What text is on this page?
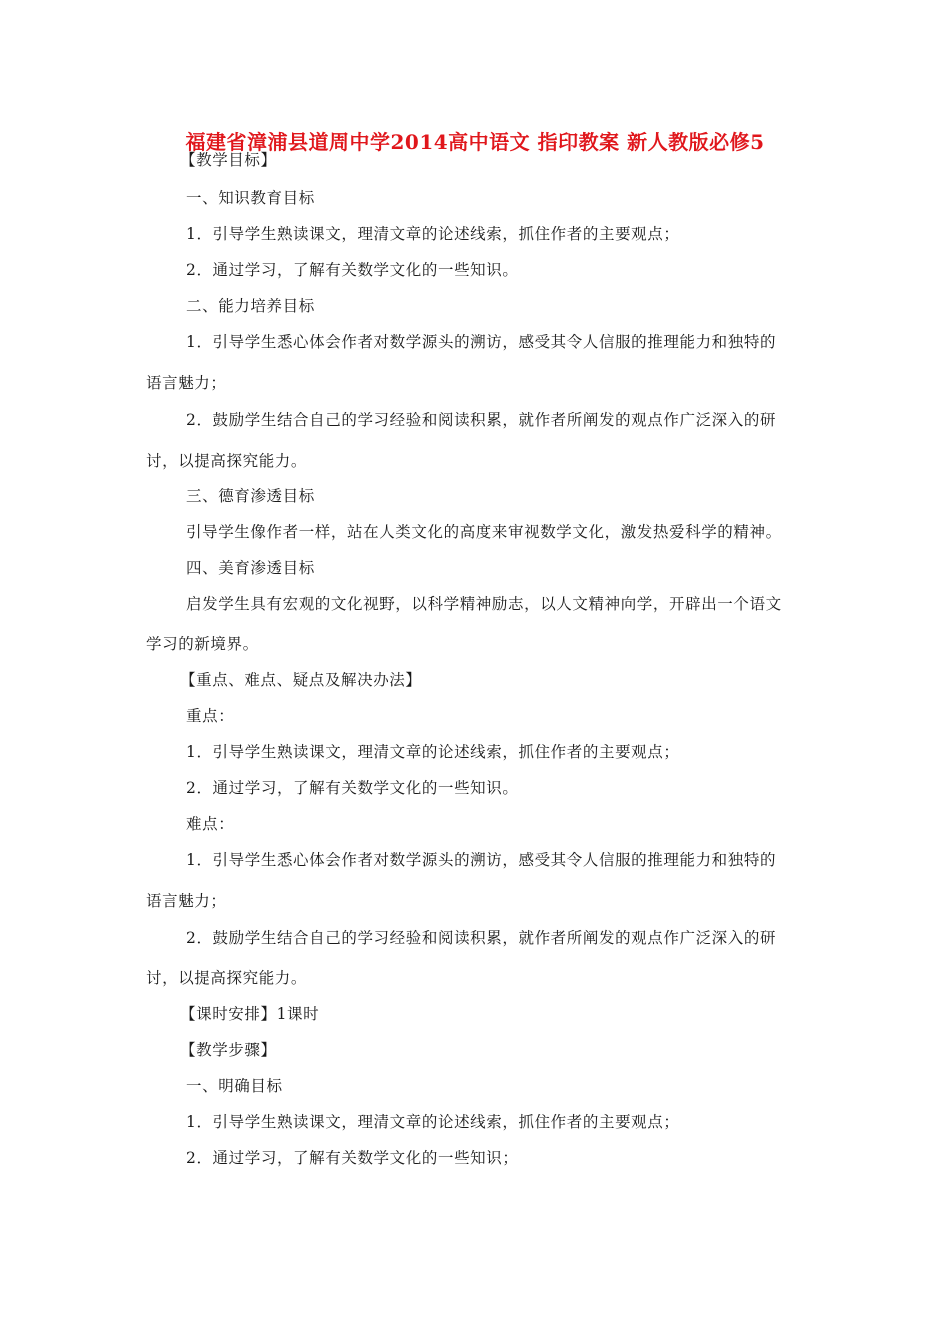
福建省漳浦县道周中学2014高中语文 指印教案 新人教版必修5
【教学目标】
一、知识教育目标
1．引导学生熟读课文，理清文章的论述线索，抓住作者的主要观点；
2．通过学习，了解有关数学文化的一些知识。
二、能力培养目标
1．引导学生悉心体会作者对数学源头的溯访，感受其令人信服的推理能力和独特的
语言魅力；
2．鼓励学生结合自己的学习经验和阅读积累，就作者所阐发的观点作广泛深入的研
讨，以提高探究能力。
三、德育渗透目标
引导学生像作者一样，站在人类文化的高度来审视数学文化，激发热爱科学的精神。
四、美育渗透目标
启发学生具有宏观的文化视野，以科学精神励志，以人文精神向学，开辟出一个语文
学习的新境界。
【重点、难点、疑点及解决办法】
重点：
1．引导学生熟读课文，理清文章的论述线索，抓住作者的主要观点；
2．通过学习，了解有关数学文化的一些知识。
难点：
1．引导学生悉心体会作者对数学源头的溯访，感受其令人信服的推理能力和独特的
语言魅力；
2．鼓励学生结合自己的学习经验和阅读积累，就作者所阐发的观点作广泛深入的研
讨，以提高探究能力。
【课时安排】1课时
【教学步骤】
一、明确目标
1．引导学生熟读课文，理清文章的论述线索，抓住作者的主要观点；
2．通过学习，了解有关数学文化的一些知识；
